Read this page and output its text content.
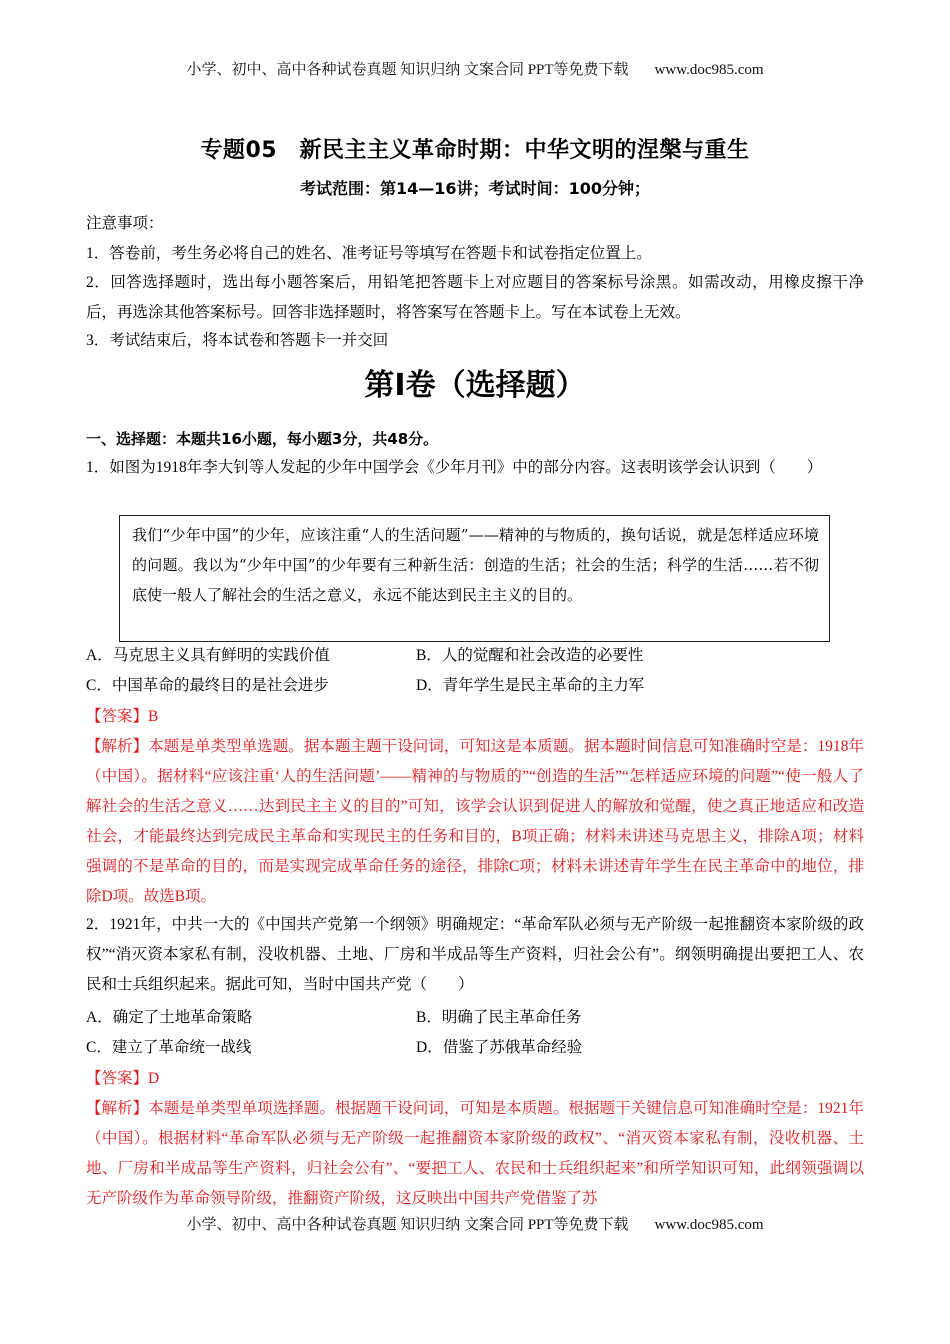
小学、初中、高中各种试卷真题 知识归纳 文案合同 PPT等免费下载 www.doc985.com
专题05　新民主主义革命时期：中华文明的涅槃与重生
考试范围：第14—16讲；考试时间：100分钟；
注意事项：
1．答卷前，考生务必将自己的姓名、准考证号等填写在答题卡和试卷指定位置上。
2．回答选择题时，选出每小题答案后，用铅笔把答题卡上对应题目的答案标号涂黑。如需改动，用橡皮擦干净后，再选涂其他答案标号。回答非选择题时，将答案写在答题卡上。写在本试卷上无效。
3．考试结束后，将本试卷和答题卡一并交回
第I卷（选择题）
一、选择题：本题共16小题，每小题3分，共48分。
1．如图为1918年李大钊等人发起的少年中国学会《少年月刊》中的部分内容。这表明该学会认识到（　　）
我们“少年中国”的少年，应该注重“人的生活问题”——精神的与物质的，换句话说，就是怎样适应环境的问题。我以为“少年中国”的少年要有三种新生活：创造的生活；社会的生活；科学的生活……若不彻底使一般人了解社会的生活之意义，永远不能达到民主主义的目的。
A．马克思主义具有鲜明的实践价值	B．人的觉醒和社会改造的必要性
C．中国革命的最终目的是社会进步	D．青年学生是民主革命的主力军
【答案】B
【解析】本题是单类型单选题。据本题主题干设问词，可知这是本质题。据本题时间信息可知准确时空是：1918年（中国）。据材料“应该注重‘人的生活问题’——精神的与物质的”“创造的生活”“怎样适应环境的问题”“使一般人了解社会的生活之意义……达到民主主义的目的”可知，该学会认识到促进人的解放和觉醒，使之真正地适应和改造社会，才能最终达到完成民主革命和实现民主的任务和目的，B项正确；材料未讲述马克思主义，排除A项；材料强调的不是革命的目的，而是实现完成革命任务的途径，排除C项；材料未讲述青年学生在民主革命中的地位，排除D项。故选B项。
2．1921年，中共一大的《中国共产党第一个纲领》明确规定：“革命军队必须与无产阶级一起推翻资本家阶级的政权”“消灭资本家私有制，没收机器、土地、厂房和半成品等生产资料，归社会公有”。纲领明确提出要把工人、农民和士兵组织起来。据此可知，当时中国共产党（　　）
A．确定了土地革命策略	B．明确了民主革命任务
C．建立了革命统一战线	D．借鉴了苏俄革命经验
【答案】D
【解析】本题是单类型单项选择题。根据题干设问词，可知是本质题。根据题干关键信息可知准确时空是：1921年（中国）。根据材料“革命军队必须与无产阶级一起推翻资本家阶级的政权”、“消灭资本家私有制，没收机器、土地、厂房和半成品等生产资料，归社会公有”、“要把工人、农民和士兵组织起来”和所学知识可知，此纲领强调以无产阶级作为革命领导阶级，推翻资产阶级，这反映出中国共产党借鉴了苏
小学、初中、高中各种试卷真题 知识归纳 文案合同 PPT等免费下载 www.doc985.com
